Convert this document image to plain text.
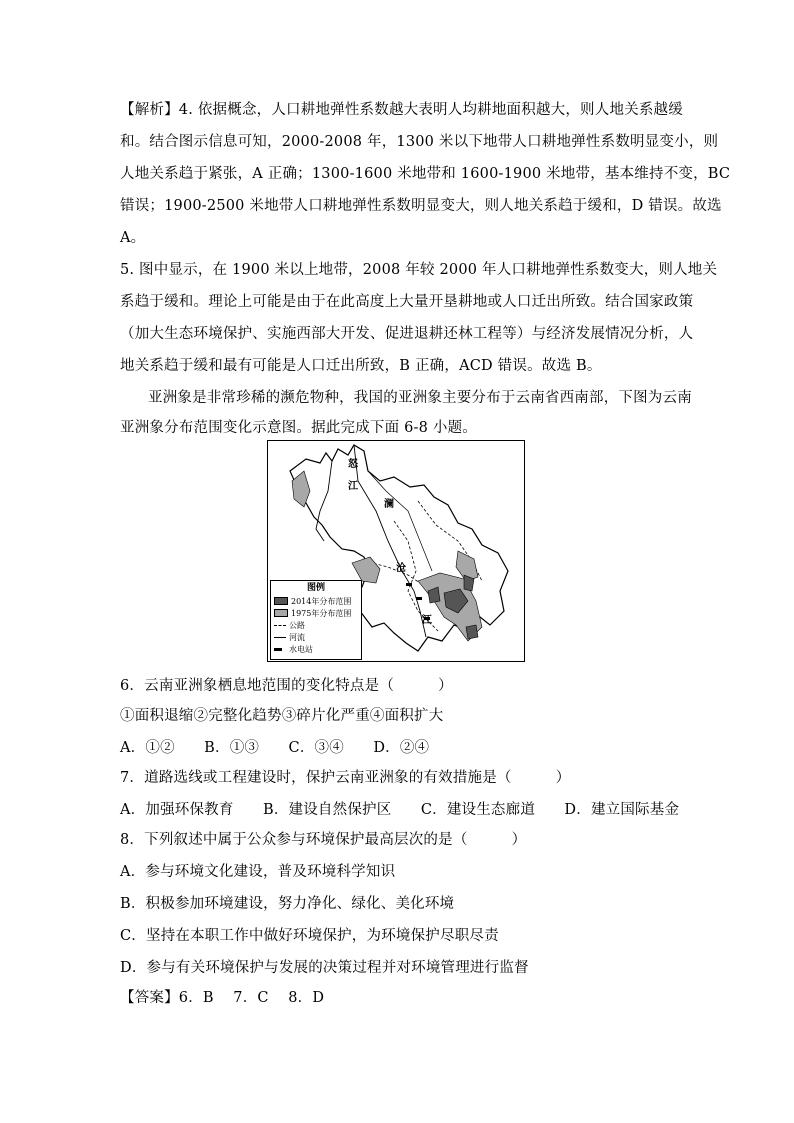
【解析】4. 依据概念，人口耕地弹性系数越大表明人均耕地面积越大，则人地关系越缓
和。结合图示信息可知，2000-2008 年，1300 米以下地带人口耕地弹性系数明显变小，则
人地关系趋于紧张，A 正确；1300-1600 米地带和 1600-1900 米地带，基本维持不变，BC
错误；1900-2500 米地带人口耕地弹性系数明显变大，则人地关系趋于缓和，D 错误。故选
A。
5. 图中显示，在 1900 米以上地带，2008 年较 2000 年人口耕地弹性系数变大，则人地关
系趋于缓和。理论上可能是由于在此高度上大量开垦耕地或人口迁出所致。结合国家政策
（加大生态环境保护、实施西部大开发、促进退耕还林工程等）与经济发展情况分析，人
地关系趋于缓和最有可能是人口迁出所致，B 正确，ACD 错误。故选 B。
亚洲象是非常珍稀的濒危物种，我国的亚洲象主要分布于云南省西南部，下图为云南
亚洲象分布范围变化示意图。据此完成下面 6-8 小题。
怒
江
澜
沧
江
图例
2014年分布范围
1975年分布范围
公路
河流
水电站
6．云南亚洲象栖息地范围的变化特点是（　　　）
①面积退缩②完整化趋势③碎片化严重④面积扩大
A．①②　　B．①③　　C．③④　　D．②④
7．道路选线或工程建设时，保护云南亚洲象的有效措施是（　　　）
A．加强环保教育　　B．建设自然保护区　　C．建设生态廊道　　D．建立国际基金
8．下列叙述中属于公众参与环境保护最高层次的是（　　　）
A．参与环境文化建设，普及环境科学知识
B．积极参加环境建设，努力净化、绿化、美化环境
C．坚持在本职工作中做好环境保护，为环境保护尽职尽责
D．参与有关环境保护与发展的决策过程并对环境管理进行监督
【答案】6．B　 7．C　 8．D
